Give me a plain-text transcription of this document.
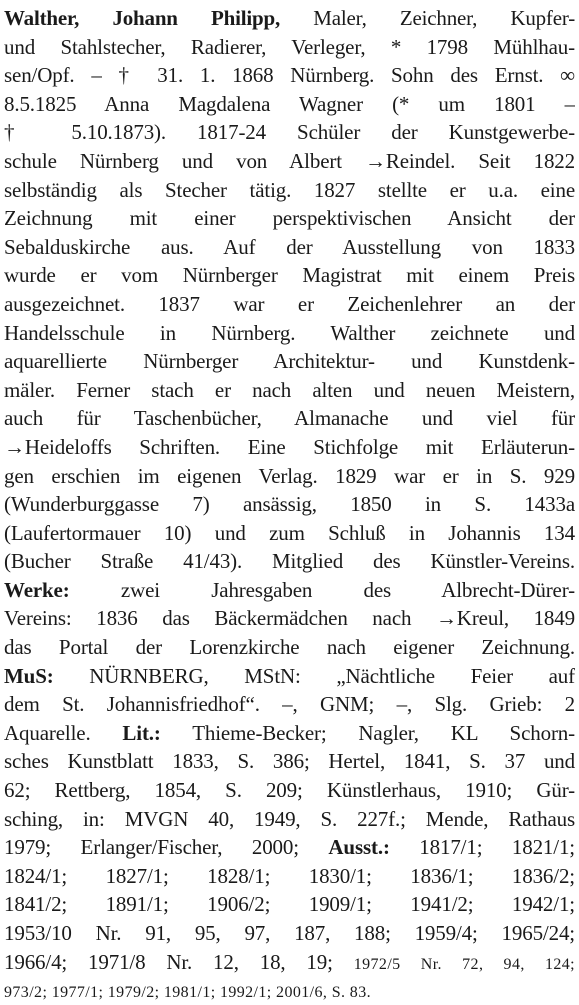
Walther, Johann Philipp, Maler, Zeichner, Kupfer-
und Stahlstecher, Radierer, Verleger, * 1798 Mühlhau-
sen/Opf. – † 31. 1. 1868 Nürnberg. Sohn des Ernst. ∞
8.5.1825 Anna Magdalena Wagner (* um 1801 –
† 5.10.1873). 1817-24 Schüler der Kunstgewerbe-
schule Nürnberg und von Albert →Reindel. Seit 1822
selbständig als Stecher tätig. 1827 stellte er u.a. eine
Zeichnung mit einer perspektivischen Ansicht der
Sebalduskirche aus. Auf der Ausstellung von 1833
wurde er vom Nürnberger Magistrat mit einem Preis
ausgezeichnet. 1837 war er Zeichenlehrer an der
Handelsschule in Nürnberg. Walther zeichnete und
aquarellierte Nürnberger Architektur- und Kunstdenk-
mäler. Ferner stach er nach alten und neuen Meistern,
auch für Taschenbücher, Almanache und viel für
→Heideloffs Schriften. Eine Stichfolge mit Erläuterun-
gen erschien im eigenen Verlag. 1829 war er in S. 929
(Wunderburggasse 7) ansässig, 1850 in S. 1433a
(Laufertormauer 10) und zum Schluß in Johannis 134
(Bucher Straße 41/43). Mitglied des Künstler-Vereins.
Werke: zwei Jahresgaben des Albrecht-Dürer-
Vereins: 1836 das Bäckermädchen nach →Kreul, 1849
das Portal der Lorenzkirche nach eigener Zeichnung.
MuS: NÜRNBERG, MStN: „Nächtliche Feier auf
dem St. Johannisfriedhof“. –, GNM; –, Slg. Grieb: 2
Aquarelle. Lit.: Thieme-Becker; Nagler, KL Schorn-
sches Kunstblatt 1833, S. 386; Hertel, 1841, S. 37 und
62; Rettberg, 1854, S. 209; Künstlerhaus, 1910; Gür-
sching, in: MVGN 40, 1949, S. 227f.; Mende, Rathaus
1979; Erlanger/Fischer, 2000; Ausst.: 1817/1; 1821/1;
1824/1; 1827/1; 1828/1; 1830/1; 1836/1; 1836/2;
1841/2; 1891/1; 1906/2; 1909/1; 1941/2; 1942/1;
1953/10 Nr. 91, 95, 97, 187, 188; 1959/4; 1965/24;
1966/4; 1971/8 Nr. 12, 18, 19; 1972/5 Nr. 72, 94, 124;
973/2; 1977/1; 1979/2; 1981/1; 1992/1; 2001/6, S. 83.
